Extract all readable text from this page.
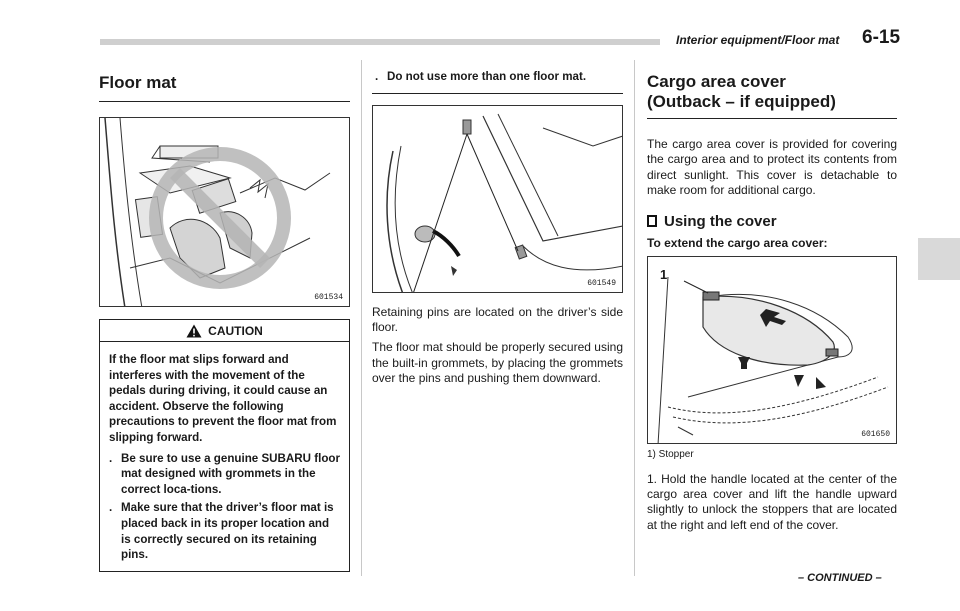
Interior equipment/Floor mat 6-15
Floor mat
601534
CAUTION

If the floor mat slips forward and interferes with the movement of the pedals during driving, it could cause an accident. Observe the following precautions to prevent the floor mat from slipping forward.

. Be sure to use a genuine SUBARU floor mat designed with grommets in the correct loca-tions.
. Make sure that the driver’s floor mat is placed back in its proper location and is correctly secured on its retaining pins.
. Do not use more than one floor mat.
601549

Retaining pins are located on the driver’s side floor.

The floor mat should be properly secured using the built-in grommets, by placing the grommets over the pins and pushing them downward.

Cargo area cover
(Outback – if equipped)

The cargo area cover is provided for covering the cargo area and to protect its contents from direct sunlight. This cover is detachable to make room for additional cargo.

Using the cover

To extend the cargo area cover:

1
601650

1) Stopper

1. Hold the handle located at the center of the cargo area cover and lift the handle upward slightly to unlock the stoppers that are located at the right and left end of the cover.

– CONTINUED –
